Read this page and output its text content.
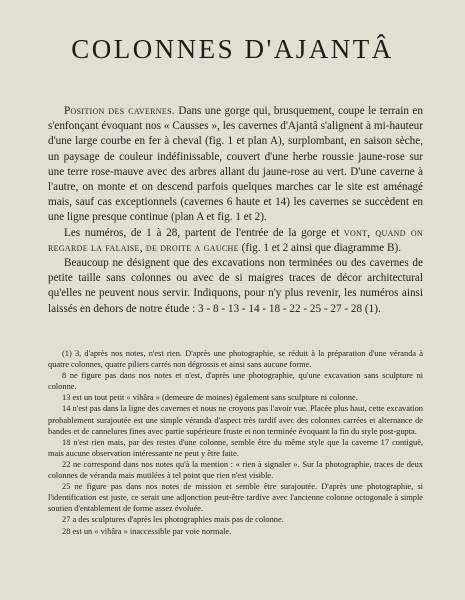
COLONNES D'AJANTÂ

Position des cavernes. Dans une gorge qui, brusquement, coupe le terrain en s'enfonçant évoquant nos « Causses », les cavernes d'Ajantâ s'alignent à mi-hauteur d'une large courbe en fer à cheval (fig. 1 et plan A), surplombant, en saison sèche, un paysage de couleur indéfinissable, couvert d'une herbe roussie jaune-rose sur une terre rose-mauve avec des arbres allant du jaune-rose au vert. D'une caverne à l'autre, on monte et on descend parfois quelques marches car le site est aménagé mais, sauf cas exceptionnels (cavernes 6 haute et 14) les cavernes se succèdent en une ligne presque continue (plan A et fig. 1 et 2).

Les numéros, de 1 à 28, partent de l'entrée de la gorge et vont, quand on regarde la falaise, de droite a gauche (fig. 1 et 2 ainsi que diagramme B).

Beaucoup ne désignent que des excavations non terminées ou des cavernes de petite taille sans colonnes ou avec de si maigres traces de décor architectural qu'elles ne peuvent nous servir. Indiquons, pour n'y plus revenir, les numéros ainsi laissés en dehors de notre étude : 3 - 8 - 13 - 14 - 18 - 22 - 25 - 27 - 28 (1).

(1) 3, d'après nos notes, n'est rien. D'après une photographie, se réduit à la préparation d'une véranda à quatre colonnes, quatre piliers carrés non dégrossis et ainsi sans aucune forme.

8 ne figure pas dans nos notes et n'est, d'après une photographie, qu'une excavation sans sculpture ni colonne.

13 est un tout petit « vihâra » (demeure de moines) également sans sculpture ni colonne.

14 n'est pas dans la ligne des cavernes et nous ne croyons pas l'avoir vue. Placée plus haut, cette excavation probablement surajoutée est une simple véranda d'aspect très tardif avec des colonnes carrées et alternance de bandes et de cannelures fines avec partie supérieure fruste et non terminée évoquant la fin du style post-gupta.

18 n'est rien mais, par des restes d'une colonne, semble être du même style que la caverne 17 contiguë, mais aucune observation intéressante ne peut y être faite.

22 ne correspond dans nos notes qu'à la mention : « rien à signaler ». Sur la photographie, traces de deux colonnes de véranda mais mutilées à tel point que rien n'est visible.

25 ne figure pas dans nos notes de mission et semble être surajoutée. D'après une photographie, si l'identification est juste, ce serait une adjonction peut-être tardive avec l'ancienne colonne octogonale à simple soutien d'entablement de forme assez évoluée.

27 a des sculptures d'après les photographies mais pas de colonne.

28 est un « vihâra » inaccessible par voie normale.
